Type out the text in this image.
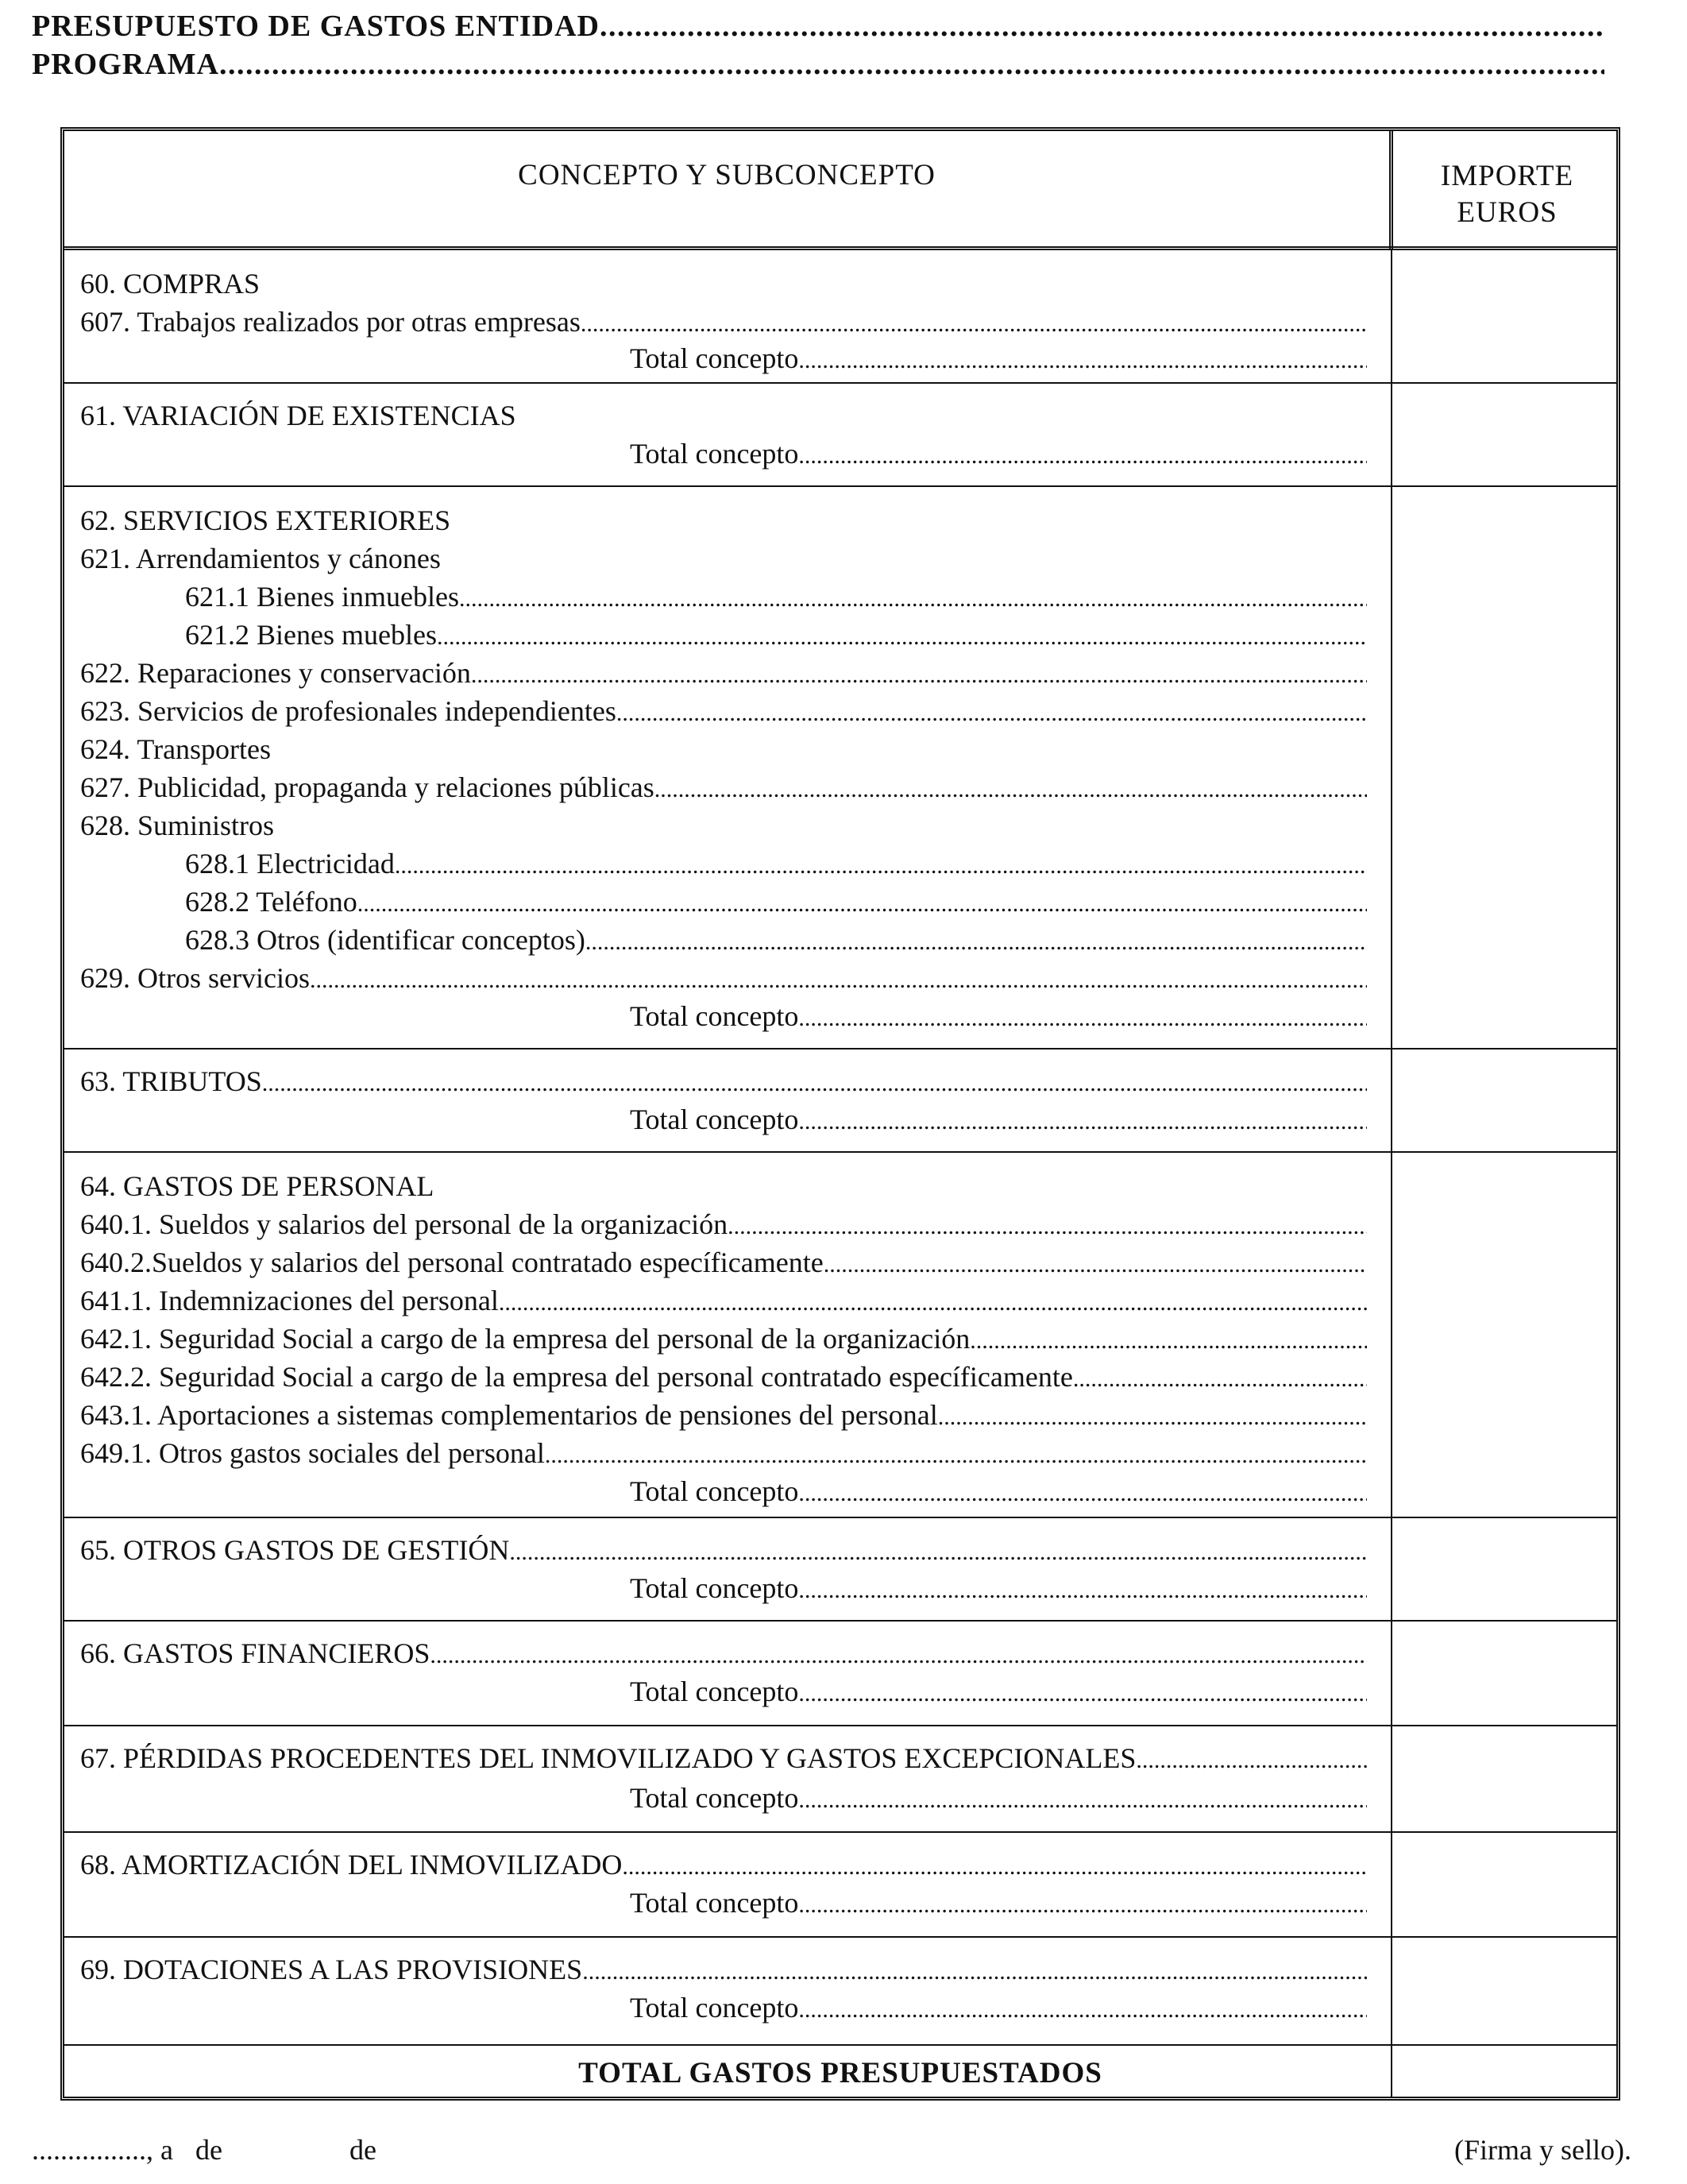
PRESUPUESTO DE GASTOS ENTIDAD
. . .
PROGRAMA
. . .
CONCEPTO Y SUBCONCEPTO	IMPORTE
EUROS
60. COMPRAS
607. Trabajos realizados por otras empresas
.....
Total concepto
.....
61. VARIACIÓN DE EXISTENCIAS
Total concepto
.....
62. SERVICIOS EXTERIORES
621. Arrendamientos y cánones
621.1 Bienes inmuebles
.....
621.2 Bienes muebles
.....
622. Reparaciones y conservación
.....
623. Servicios de profesionales independientes
.....
624. Transportes
627. Publicidad, propaganda y relaciones públicas
.....
628. Suministros
628.1 Electricidad
.....
628.2 Teléfono
.....
628.3 Otros (identificar conceptos)
.....
629. Otros servicios
.....
Total concepto
.....
63. TRIBUTOS
.....
Total concepto
.....
64. GASTOS DE PERSONAL
640.1. Sueldos y salarios del personal de la organización
.....
640.2.Sueldos y salarios del personal contratado específicamente
.....
641.1. Indemnizaciones del personal
.....
642.1. Seguridad Social a cargo de la empresa del personal de la organización
.....
642.2. Seguridad Social a cargo de la empresa del personal contratado específicamente
.....
643.1. Aportaciones a sistemas complementarios de pensiones del personal
.....
649.1. Otros gastos sociales del personal
.....
Total concepto
.....
65. OTROS GASTOS DE GESTIÓN
.....
Total concepto
.....
66. GASTOS FINANCIEROS
.....
Total concepto
.....
67. PÉRDIDAS PROCEDENTES DEL INMOVILIZADO Y GASTOS EXCEPCIONALES
.....
Total concepto
.....
68. AMORTIZACIÓN DEL INMOVILIZADO
.....
Total concepto
.....
69. DOTACIONES A LAS PROVISIONES
.....
Total concepto
.....
TOTAL GASTOS PRESUPUESTADOS
................ , a de	de	(Firma y sello).
